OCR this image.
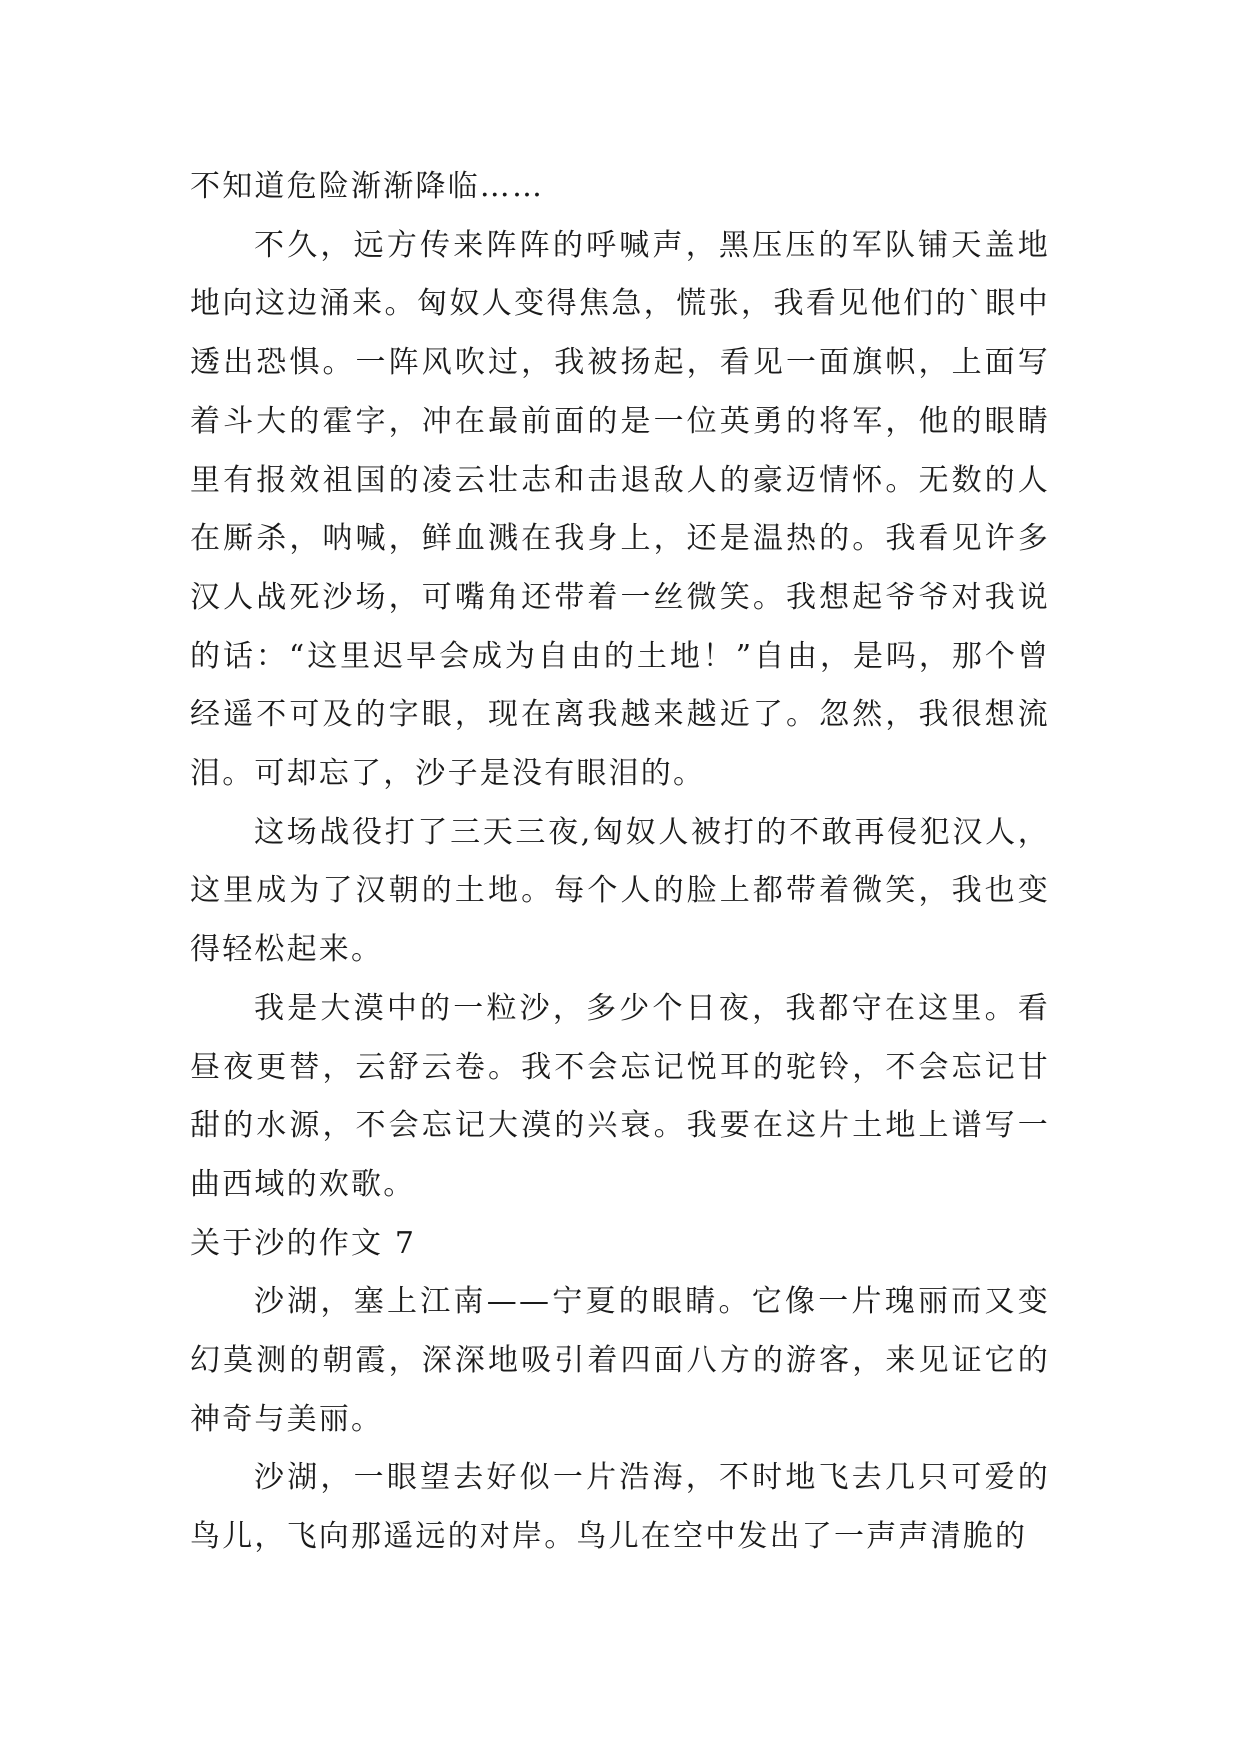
不知道危险渐渐降临……

不久，远方传来阵阵的呼喊声，黑压压的军队铺天盖地地向这边涌来。匈奴人变得焦急，慌张，我看见他们的`眼中透出恐惧。一阵风吹过，我被扬起，看见一面旗帜，上面写着斗大的霍字，冲在最前面的是一位英勇的将军，他的眼睛里有报效祖国的凌云壮志和击退敌人的豪迈情怀。无数的人在厮杀，呐喊，鲜血溅在我身上，还是温热的。我看见许多汉人战死沙场，可嘴角还带着一丝微笑。我想起爷爷对我说的话：“这里迟早会成为自由的土地！”自由，是吗，那个曾经遥不可及的字眼，现在离我越来越近了。忽然，我很想流泪。可却忘了，沙子是没有眼泪的。

这场战役打了三天三夜,匈奴人被打的不敢再侵犯汉人，这里成为了汉朝的土地。每个人的脸上都带着微笑，我也变得轻松起来。

我是大漠中的一粒沙，多少个日夜，我都守在这里。看昼夜更替，云舒云卷。我不会忘记悦耳的驼铃，不会忘记甘甜的水源，不会忘记大漠的兴衰。我要在这片土地上谱写一曲西域的欢歌。

关于沙的作文 7

沙湖，塞上江南——宁夏的眼睛。它像一片瑰丽而又变幻莫测的朝霞，深深地吸引着四面八方的游客，来见证它的神奇与美丽。

沙湖，一眼望去好似一片浩海，不时地飞去几只可爱的鸟儿，飞向那遥远的对岸。鸟儿在空中发出了一声声清脆的
